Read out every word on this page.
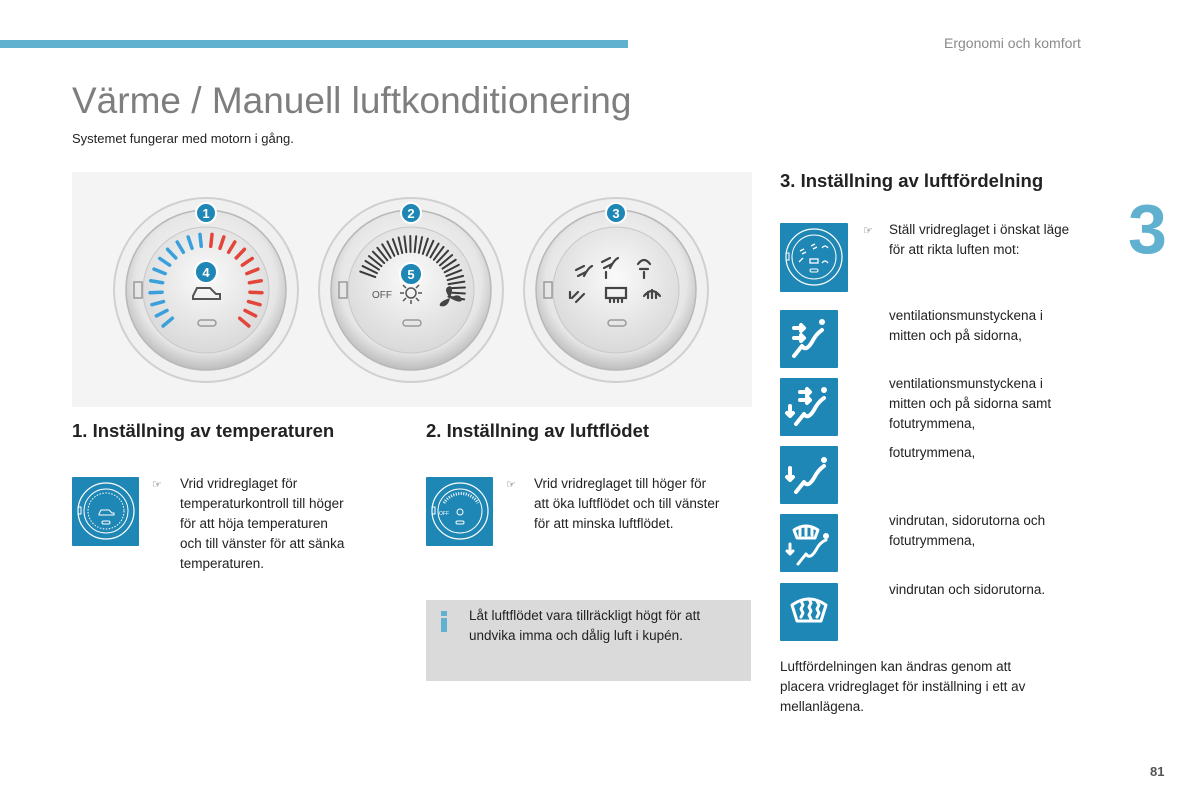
Ergonomi och komfort
3
Värme / Manuell luftkonditionering
Systemet fungerar med motorn i gång.
1
4
OFF
2
5
3
1. Inställning av temperaturen
☞ Vrid vridreglaget för
temperaturkontroll till höger
för att höja temperaturen
och till vänster för att sänka
temperaturen.
2. Inställning av luftflödet
OFF
☞ Vrid vridreglaget till höger för
att öka luftflödet och till vänster
för att minska luftflödet.
Låt luftflödet vara tillräckligt högt för att
undvika imma och dålig luft i kupén.
3. Inställning av luftfördelning
☞ Ställ vridreglaget i önskat läge
för att rikta luften mot:
ventilationsmunstyckena i
mitten och på sidorna,
ventilationsmunstyckena i
mitten och på sidorna samt
fotutrymmena,
fotutrymmena,
vindrutan, sidorutorna och
fotutrymmena,
vindrutan och sidorutorna.
Luftfördelningen kan ändras genom att
placera vridreglaget för inställning i ett av
mellanlägena.
81
